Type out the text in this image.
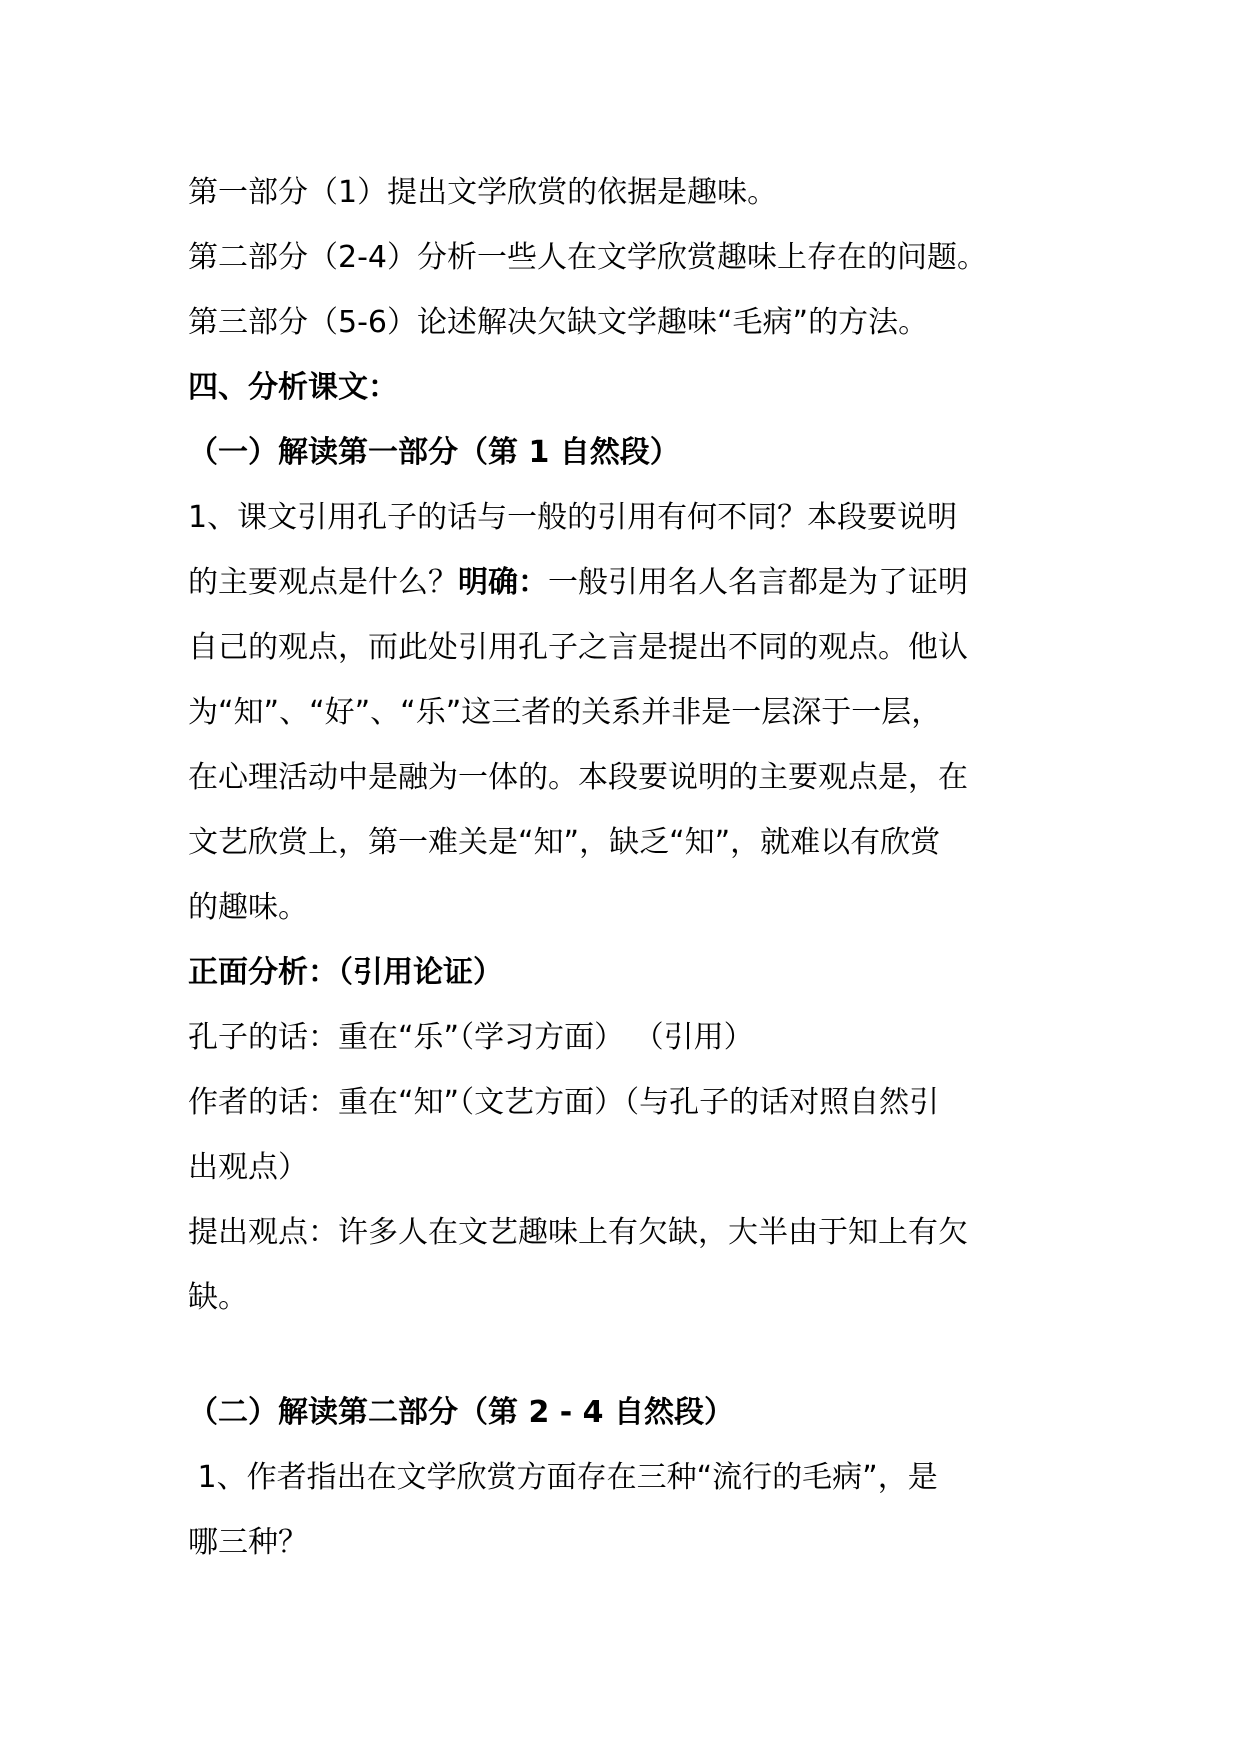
第一部分（1）提出文学欣赏的依据是趣味。
第二部分（2-4）分析一些人在文学欣赏趣味上存在的问题。
第三部分（5-6）论述解决欠缺文学趣味“毛病”的方法。
四、分析课文：
（一）解读第一部分（第 1 自然段）
1、课文引用孔子的话与一般的引用有何不同？本段要说明
的主要观点是什么？明确：一般引用名人名言都是为了证明
自己的观点，而此处引用孔子之言是提出不同的观点。他认
为“知”、“好”、“乐”这三者的关系并非是一层深于一层，
在心理活动中是融为一体的。本段要说明的主要观点是，在
文艺欣赏上，第一难关是“知”，缺乏“知”，就难以有欣赏
的趣味。
正面分析：（引用论证）
孔子的话：重在“乐”（学习方面） （引用）
作者的话：重在“知”（文艺方面）（与孔子的话对照自然引
出观点）
提出观点：许多人在文艺趣味上有欠缺，大半由于知上有欠
缺。
（二）解读第二部分（第 2 - 4 自然段）
1、作者指出在文学欣赏方面存在三种“流行的毛病”，是
哪三种？
